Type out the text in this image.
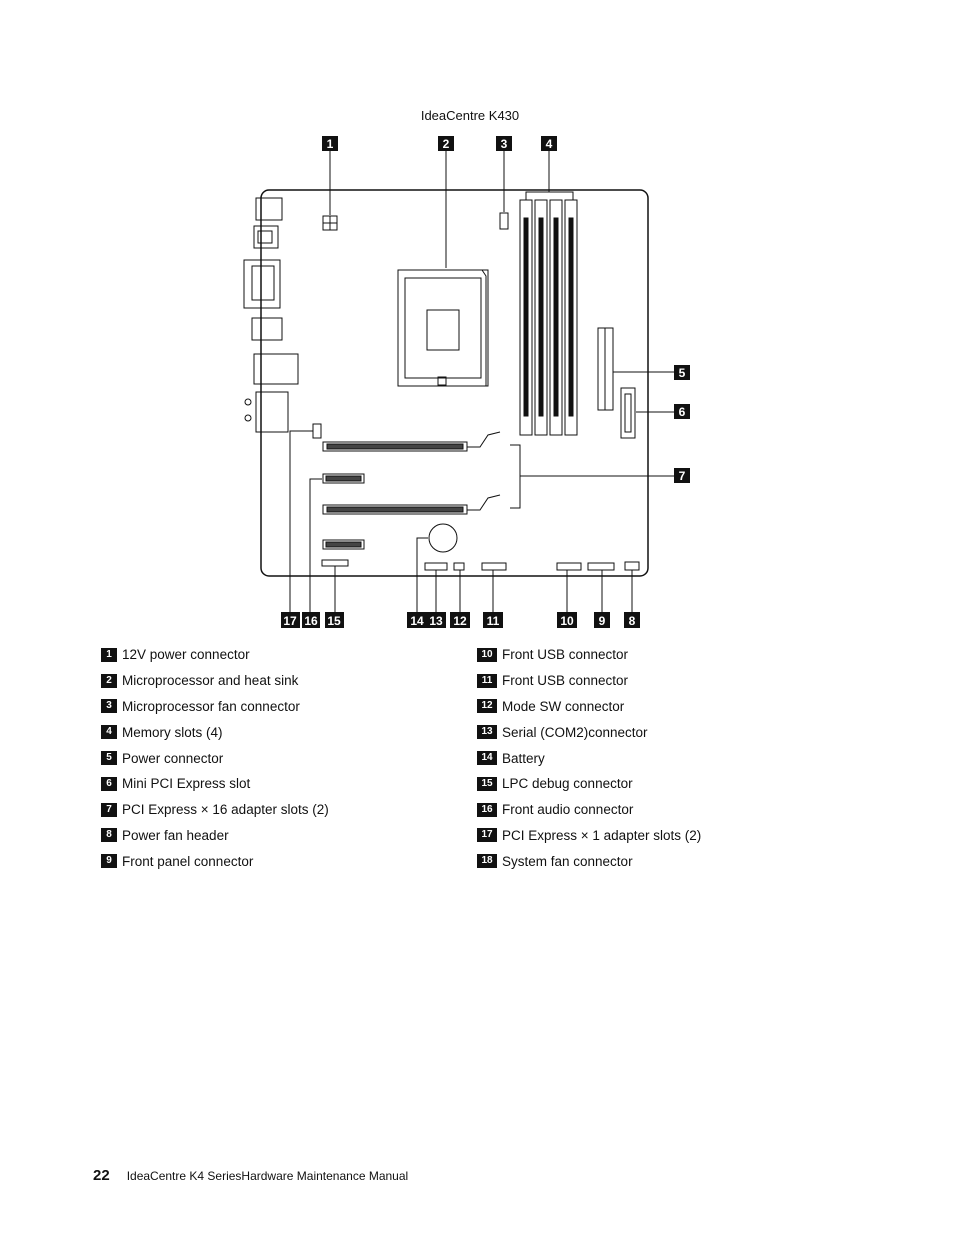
IdeaCentre K430
1	2	3	4
5
6
7
8
9
10
11
12
13
14
15
16
17
1 12V power connector
2 Microprocessor and heat sink
3 Microprocessor fan connector
4 Memory slots (4)
5 Power connector
6 Mini PCI Express slot
7 PCI Express × 16 adapter slots (2)
8 Power fan header
9 Front panel connector
10 Front USB connector
11 Front USB connector
12 Mode SW connector
13 Serial (COM2)connector
14 Battery
15 LPC debug connector
16 Front audio connector
17 PCI Express × 1 adapter slots (2)
18 System fan connector
22 IdeaCentre K4 SeriesHardware Maintenance Manual
